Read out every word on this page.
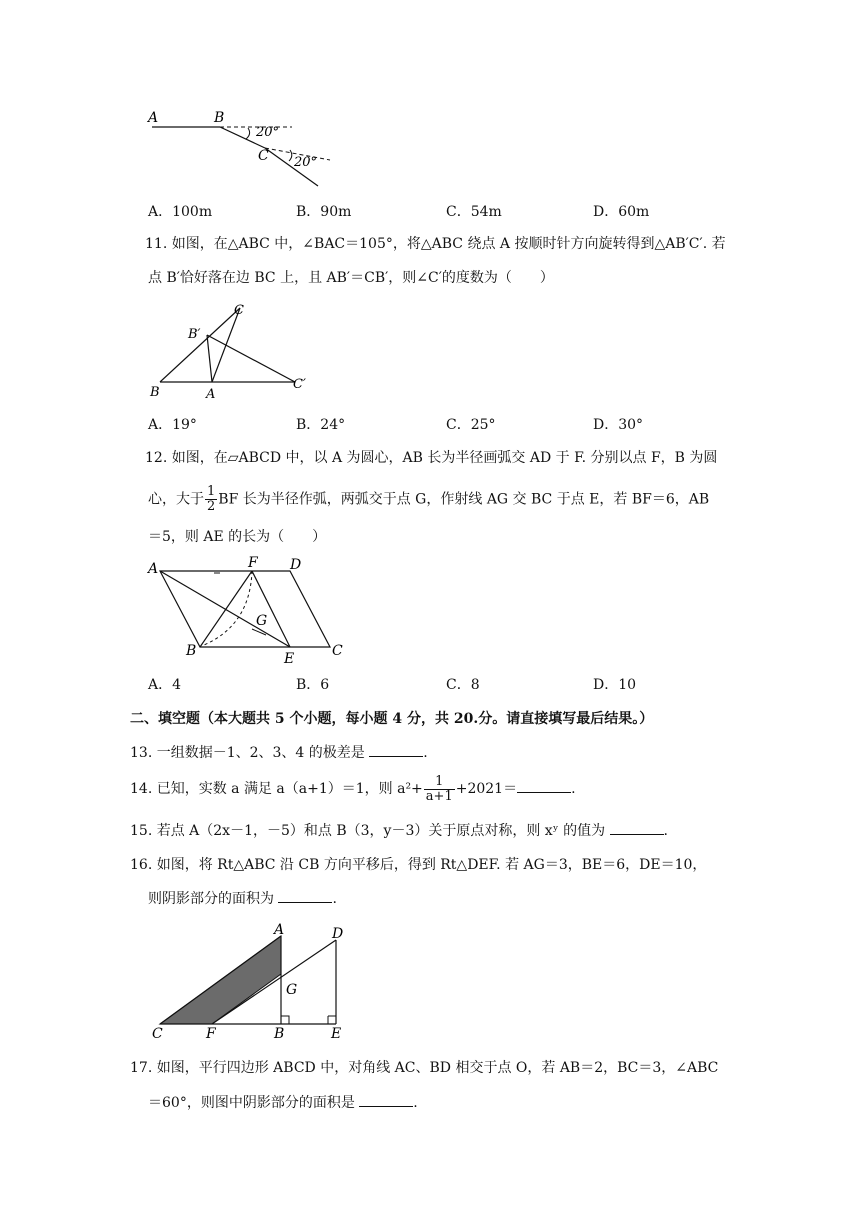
A	B
C
20°
20°
A．100m	B．90m	C．54m	D．60m
11. 如图，在△ABC 中，∠BAC＝105°，将△ABC 绕点 A 按顺时针方向旋转得到△AB′C′. 若
点 B′恰好落在边 BC 上，且 AB′＝CB′，则∠C′的度数为（　　）
B
B′
C
A
C′
A．19°	B．24°	C．25°	D．30°
12. 如图，在▱ABCD 中，以 A 为圆心，AB 长为半径画弧交 AD 于 F. 分别以点 F，B 为圆
心，大于 $\frac{1}{2}$ BF 长为半径作弧，两弧交于点 G，作射线 AG 交 BC 于点 E，若 BF＝6，AB
＝5，则 AE 的长为（　　）
A	F D
G
B	E	C
A．4	B．6	C．8	D．10
二、填空题（本大题共 5 个小题，每小题 4 分，共 20.分。请直接填写最后结果。）
13. 一组数据－1、2、3、4 的极差是	.
14. 已知，实数 a 满足 a（a+1）＝1，则 $a^2+ \frac{1}{a+1} +2021=$	.
15. 若点 A（2x－1，－5）和点 B（3，y－3）关于原点对称，则 xʸ 的值为	.
16. 如图，将 Rt△ABC 沿 CB 方向平移后，得到 Rt△DEF. 若 AG＝3，BE＝6，DE＝10，
则阴影部分的面积为	.
A	D
G
C	F	B	E
17. 如图，平行四边形 ABCD 中，对角线 AC、BD 相交于点 O，若 AB＝2，BC＝3，∠ABC
＝60°，则图中阴影部分的面积是	.
